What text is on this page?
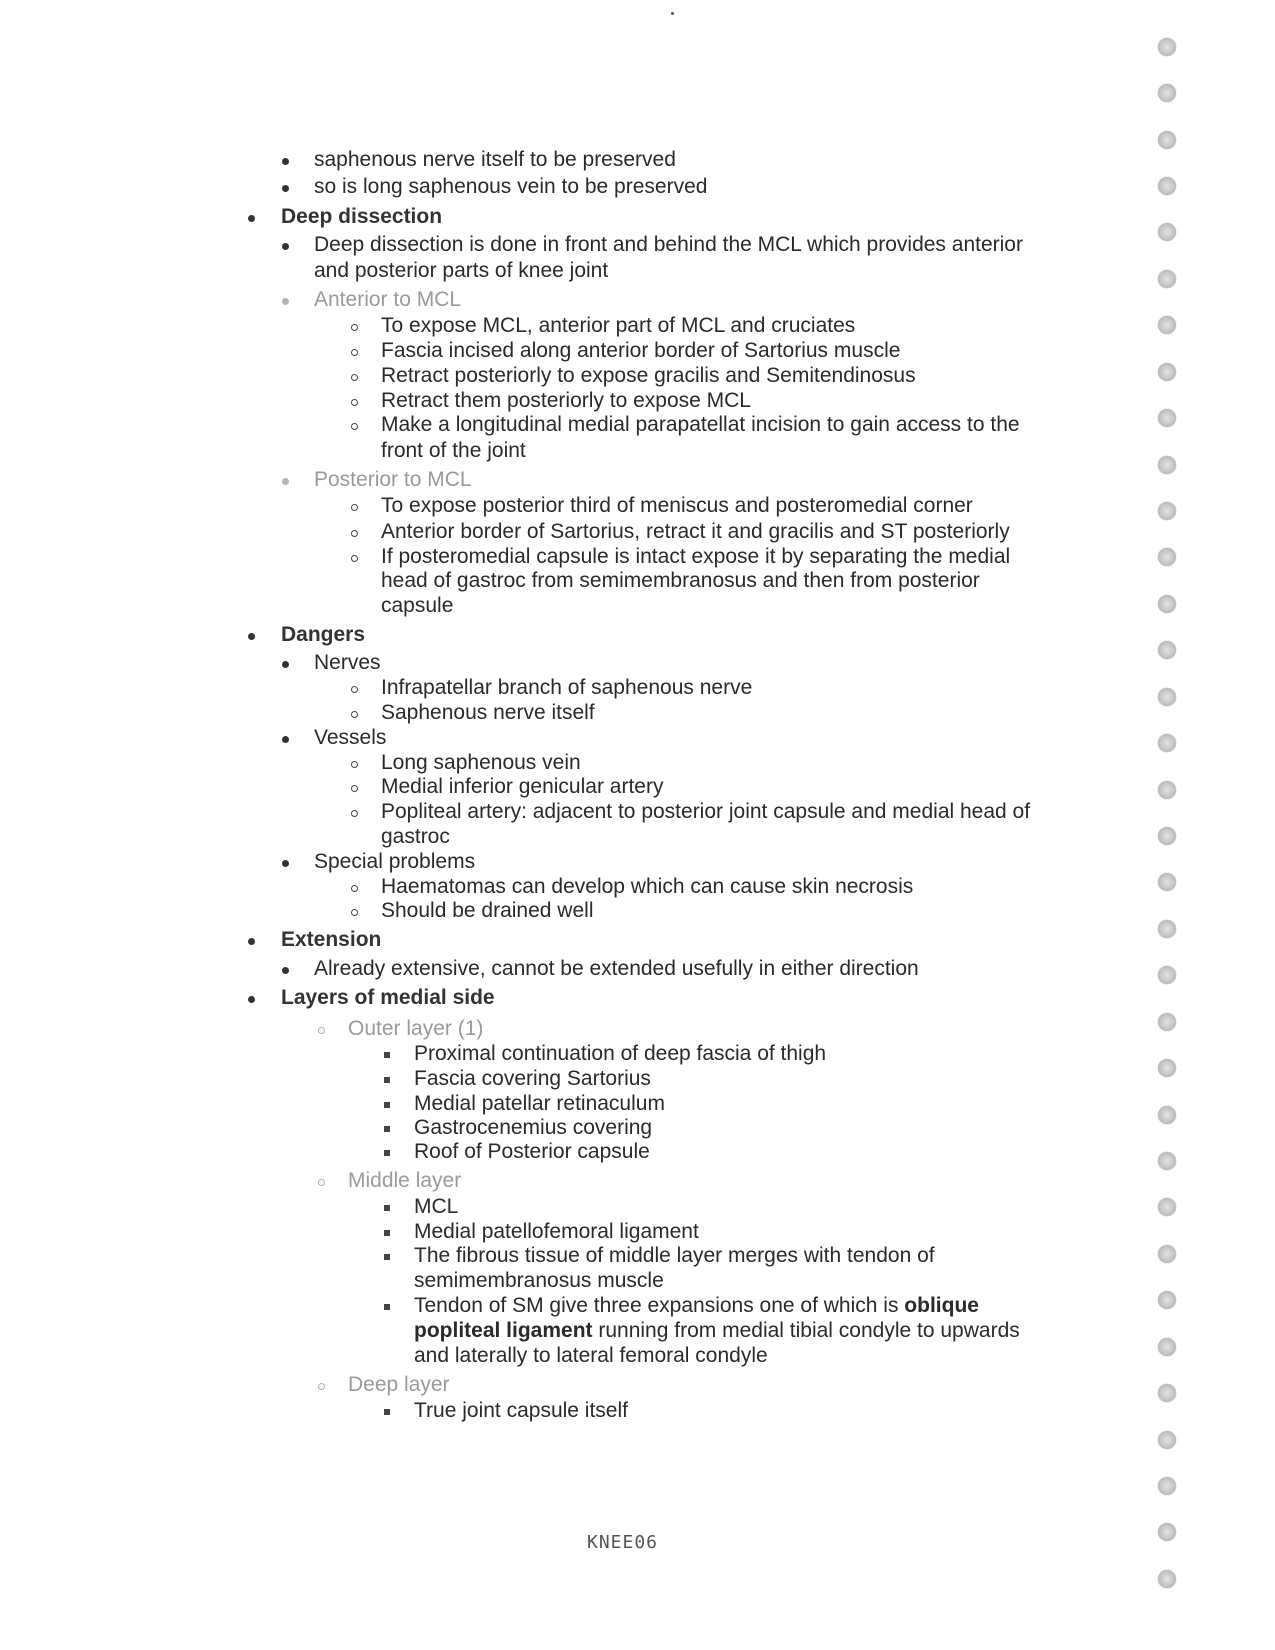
saphenous nerve itself to be preserved
so is long saphenous vein to be preserved
Deep dissection
Deep dissection is done in front and behind the MCL which provides anterior
and posterior parts of knee joint
Anterior to MCL
To expose MCL, anterior part of MCL and cruciates
Fascia incised along anterior border of Sartorius muscle
Retract posteriorly to expose gracilis and Semitendinosus
Retract them posteriorly to expose MCL
Make a longitudinal medial parapatellat incision to gain access to the
front of the joint
Posterior to MCL
To expose posterior third of meniscus and posteromedial corner
Anterior border of Sartorius, retract it and gracilis and ST posteriorly
If posteromedial capsule is intact expose it by separating the medial
head of gastroc from semimembranosus and then from posterior
capsule
Dangers
Nerves
Infrapatellar branch of saphenous nerve
Saphenous nerve itself
Vessels
Long saphenous vein
Medial inferior genicular artery
Popliteal artery: adjacent to posterior joint capsule and medial head of
gastroc
Special problems
Haematomas can develop which can cause skin necrosis
Should be drained well
Extension
Already extensive, cannot be extended usefully in either direction
Layers of medial side
Outer layer (1)
Proximal continuation of deep fascia of thigh
Fascia covering Sartorius
Medial patellar retinaculum
Gastrocenemius covering
Roof of Posterior capsule
Middle layer
MCL
Medial patellofemoral ligament
The fibrous tissue of middle layer merges with tendon of
semimembranosus muscle
Tendon of SM give three expansions one of which is oblique
popliteal ligament running from medial tibial condyle to upwards
and laterally to lateral femoral condyle
Deep layer
True joint capsule itself
KNEE06
